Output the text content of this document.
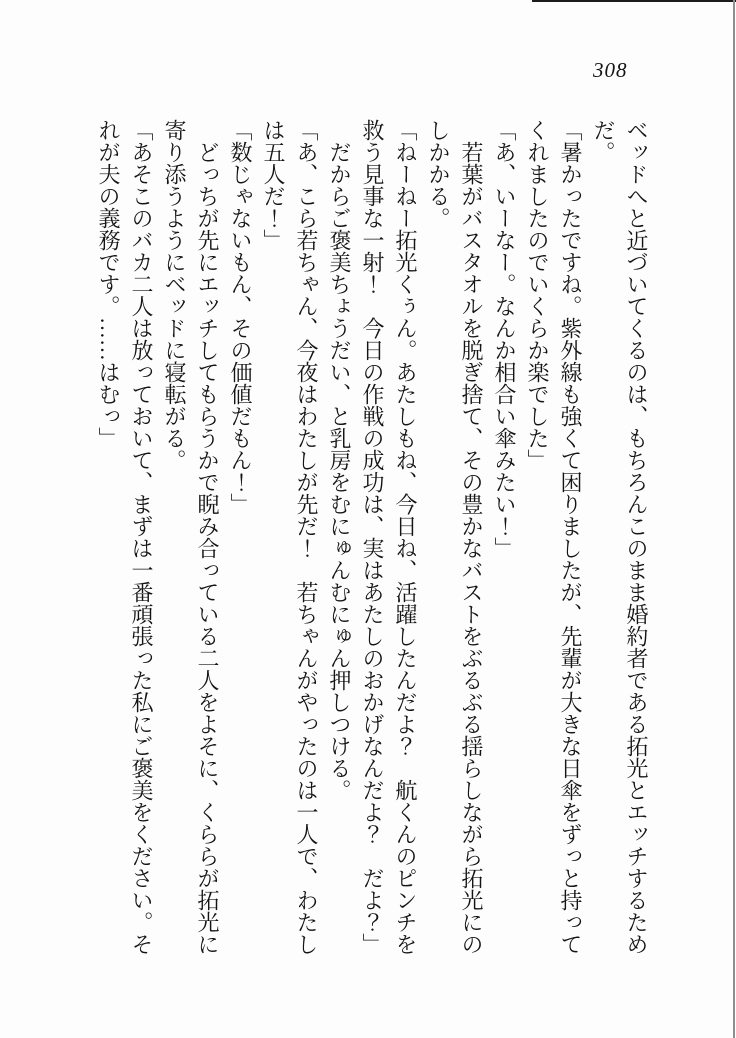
308

ベッドへと近づいてくるのは、もちろんこのまま婚約者である拓光とエッチするため

だ。

「暑かったですね。紫外線も強くて困りましたが、先輩が大きな日傘をずっと持って

くれましたのでいくらか楽でした」

「あ、いーなー。なんか相合い傘みたい！」

若葉がバスタオルを脱ぎ捨て、その豊かなバストをぶるぶる揺らしながら拓光にの

しかかる。

「ねーねー拓光くぅん。あたしもね、今日ね、活躍したんだよ？　航くんのピンチを

救う見事な一射！　今日の作戦の成功は、実はあたしのおかげなんだよ？　だよ？」

だからご褒美ちょうだい、と乳房をむにゅんむにゅん押しつける。

「あ、こら若ちゃん、今夜はわたしが先だ！　若ちゃんがやったのは一人で、わたし

は五人だ！」

「数じゃないもん、その価値だもん！」

どっちが先にエッチしてもらうかで睨み合っている二人をよそに、くららが拓光に

寄り添うようにベッドに寝転がる。

「あそこのバカ二人は放っておいて、まずは一番頑張った私にご褒美をください。そ

れが夫の義務です。……はむっ」
